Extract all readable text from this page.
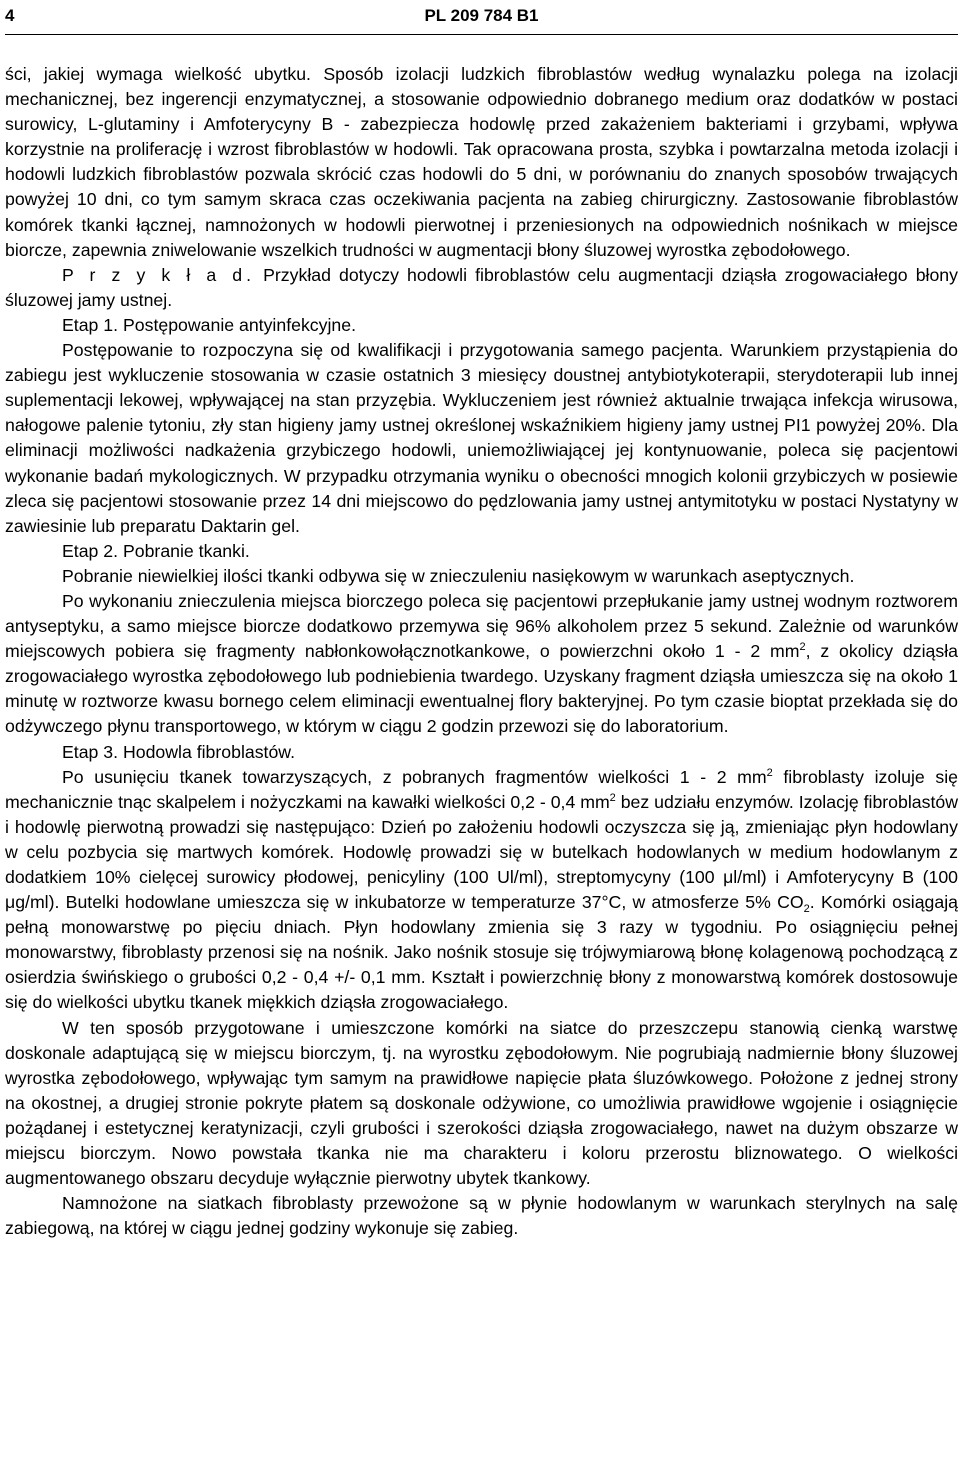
4	PL 209 784 B1

ści, jakiej wymaga wielkość ubytku. Sposób izolacji ludzkich fibroblastów według wynalazku polega na izolacji mechanicznej, bez ingerencji enzymatycznej, a stosowanie odpowiednio dobranego medium oraz dodatków w postaci surowicy, L-glutaminy i Amfoterycyny B - zabezpiecza hodowlę przed zakażeniem bakteriami i grzybami, wpływa korzystnie na proliferację i wzrost fibroblastów w hodowli. Tak opracowana prosta, szybka i powtarzalna metoda izolacji i hodowli ludzkich fibroblastów pozwala skrócić czas hodowli do 5 dni, w porównaniu do znanych sposobów trwających powyżej 10 dni, co tym samym skraca czas oczekiwania pacjenta na zabieg chirurgiczny. Zastosowanie fibroblastów komórek tkanki łącznej, namnożonych w hodowli pierwotnej i przeniesionych na odpowiednich nośnikach w miejsce biorcze, zapewnia zniwelowanie wszelkich trudności w augmentacji błony śluzowej wyrostka zębodołowego.

P r z y k ł a d. Przykład dotyczy hodowli fibroblastów celu augmentacji dziąsła zrogowaciałego błony śluzowej jamy ustnej.

Etap 1. Postępowanie antyinfekcyjne.

Postępowanie to rozpoczyna się od kwalifikacji i przygotowania samego pacjenta. Warunkiem przystąpienia do zabiegu jest wykluczenie stosowania w czasie ostatnich 3 miesięcy doustnej antybiotykoterapii, sterydoterapii lub innej suplementacji lekowej, wpływającej na stan przyzębia. Wykluczeniem jest również aktualnie trwająca infekcja wirusowa, nałogowe palenie tytoniu, zły stan higieny jamy ustnej określonej wskaźnikiem higieny jamy ustnej PI1 powyżej 20%. Dla eliminacji możliwości nadkażenia grzybiczego hodowli, uniemożliwiającej jej kontynuowanie, poleca się pacjentowi wykonanie badań mykologicznych. W przypadku otrzymania wyniku o obecności mnogich kolonii grzybiczych w posiewie zleca się pacjentowi stosowanie przez 14 dni miejscowo do pędzlowania jamy ustnej antymitotyku w postaci Nystatyny w zawiesinie lub preparatu Daktarin gel.

Etap 2. Pobranie tkanki.

Pobranie niewielkiej ilości tkanki odbywa się w znieczuleniu nasiękowym w warunkach aseptycznych.

Po wykonaniu znieczulenia miejsca biorczego poleca się pacjentowi przepłukanie jamy ustnej wodnym roztworem antyseptyku, a samo miejsce biorcze dodatkowo przemywa się 96% alkoholem przez 5 sekund. Zależnie od warunków miejscowych pobiera się fragmenty nabłonkowołącznotkankowe, o powierzchni około 1 - 2 $mm^2$, z okolicy dziąsła zrogowaciałego wyrostka zębodołowego lub podniebienia twardego. Uzyskany fragment dziąsła umieszcza się na około 1 minutę w roztworze kwasu bornego celem eliminacji ewentualnej flory bakteryjnej. Po tym czasie bioptat przekłada się do odżywczego płynu transportowego, w którym w ciągu 2 godzin przewozi się do laboratorium.

Etap 3. Hodowla fibroblastów.

Po usunięciu tkanek towarzyszących, z pobranych fragmentów wielkości 1 - 2 $mm^2$ fibroblasty izoluje się mechanicznie tnąc skalpelem i nożyczkami na kawałki wielkości 0,2 - 0,4 $mm^2$ bez udziału enzymów. Izolację fibroblastów i hodowlę pierwotną prowadzi się następująco: Dzień po założeniu hodowli oczyszcza się ją, zmieniając płyn hodowlany w celu pozbycia się martwych komórek. Hodowlę prowadzi się w butelkach hodowlanych w medium hodowlanym z dodatkiem 10% cielęcej surowicy płodowej, penicyliny (100 Ul/ml), streptomycyny (100 μl/ml) i Amfoterycyny B (100 μg/ml). Butelki hodowlane umieszcza się w inkubatorze w temperaturze 37°C, w atmosferze 5% $CO_2$. Komórki osiągają pełną monowarstwę po pięciu dniach. Płyn hodowlany zmienia się 3 razy w tygodniu. Po osiągnięciu pełnej monowarstwy, fibroblasty przenosi się na nośnik. Jako nośnik stosuje się trójwymiarową błonę kolagenową pochodzącą z osierdzia świńskiego o grubości 0,2 - 0,4 +/- 0,1 mm. Kształt i powierzchnię błony z monowarstwą komórek dostosowuje się do wielkości ubytku tkanek miękkich dziąsła zrogowaciałego.

W ten sposób przygotowane i umieszczone komórki na siatce do przeszczepu stanowią cienką warstwę doskonale adaptującą się w miejscu biorczym, tj. na wyrostku zębodołowym. Nie pogrubiają nadmiernie błony śluzowej wyrostka zębodołowego, wpływając tym samym na prawidłowe napięcie płata śluzówkowego. Położone z jednej strony na okostnej, a drugiej stronie pokryte płatem są doskonale odżywione, co umożliwia prawidłowe wgojenie i osiągnięcie pożądanej i estetycznej keratynizacji, czyli grubości i szerokości dziąsła zrogowaciałego, nawet na dużym obszarze w miejscu biorczym. Nowo powstała tkanka nie ma charakteru i koloru przerostu bliznowatego. O wielkości augmentowanego obszaru decyduje wyłącznie pierwotny ubytek tkankowy.

Namnożone na siatkach fibroblasty przewożone są w płynie hodowlanym w warunkach sterylnych na salę zabiegową, na której w ciągu jednej godziny wykonuje się zabieg.
